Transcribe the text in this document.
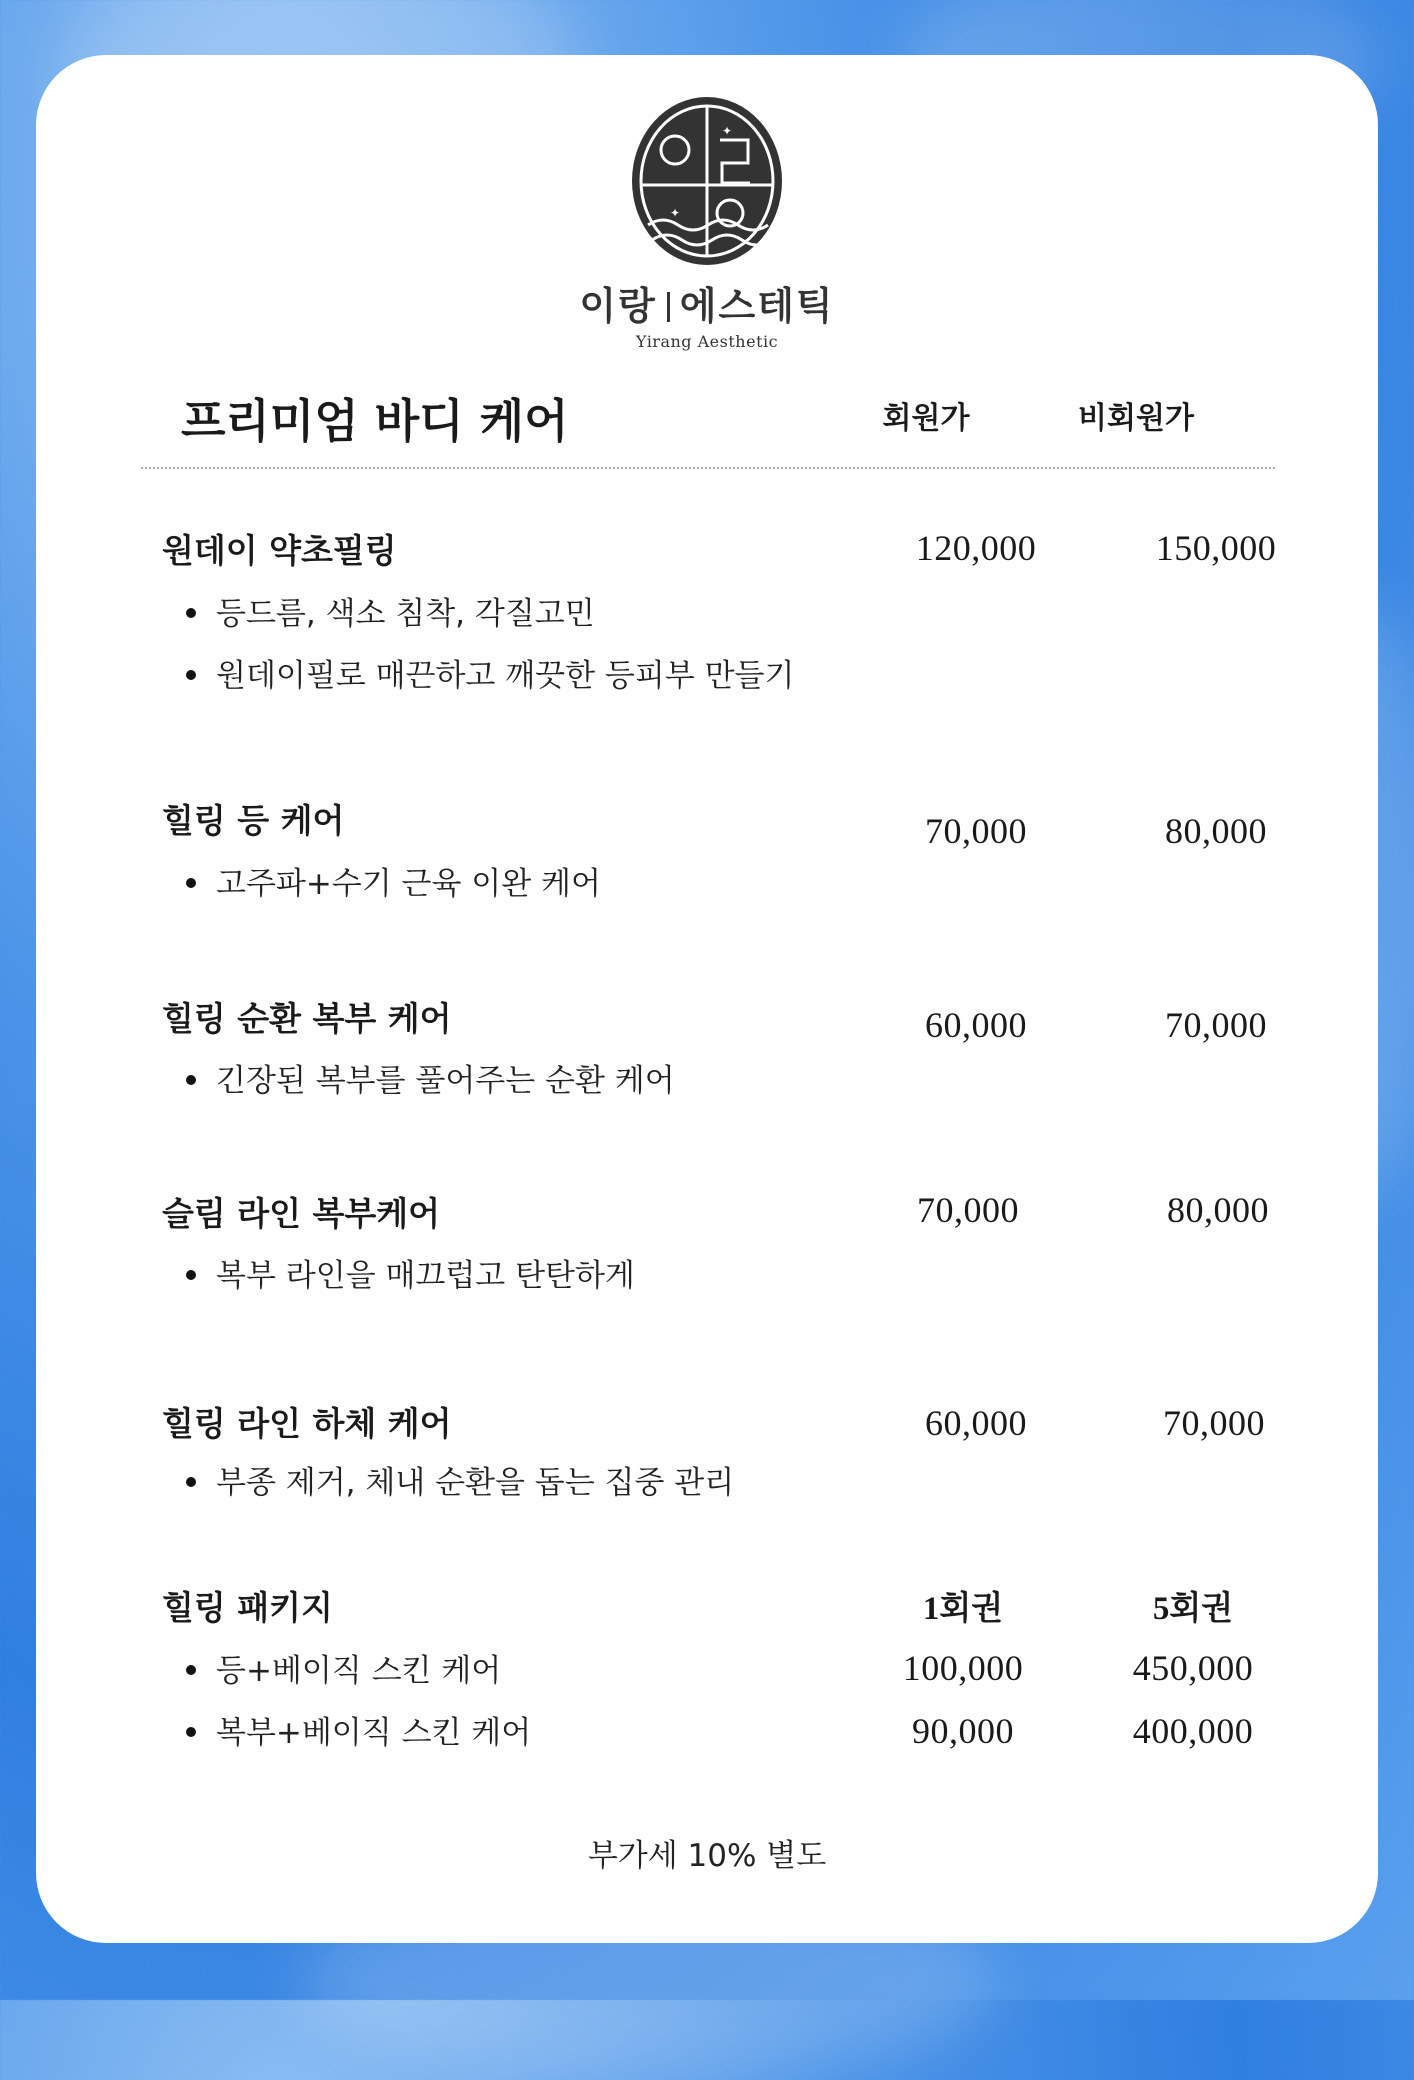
✦
✦
이랑
이랑 에스테틱
Yirang Aesthetic
프리미엄 바디 케어	회원가	비회원가
원데이 약초필링	120,000	150,000
등드름, 색소 침착, 각질고민
원데이필로 매끈하고 깨끗한 등피부 만들기
힐링 등 케어	70,000	80,000
고주파+수기 근육 이완 케어
힐링 순환 복부 케어	60,000	70,000
긴장된 복부를 풀어주는 순환 케어
슬림 라인 복부케어	70,000	80,000
복부 라인을 매끄럽고 탄탄하게
힐링 라인 하체 케어	60,000	70,000
부종 제거, 체내 순환을 돕는 집중 관리
힐링 패키지	1회권	5회권
등+베이직 스킨 케어	100,000	450,000
복부+베이직 스킨 케어	90,000	400,000
부가세 10% 별도
